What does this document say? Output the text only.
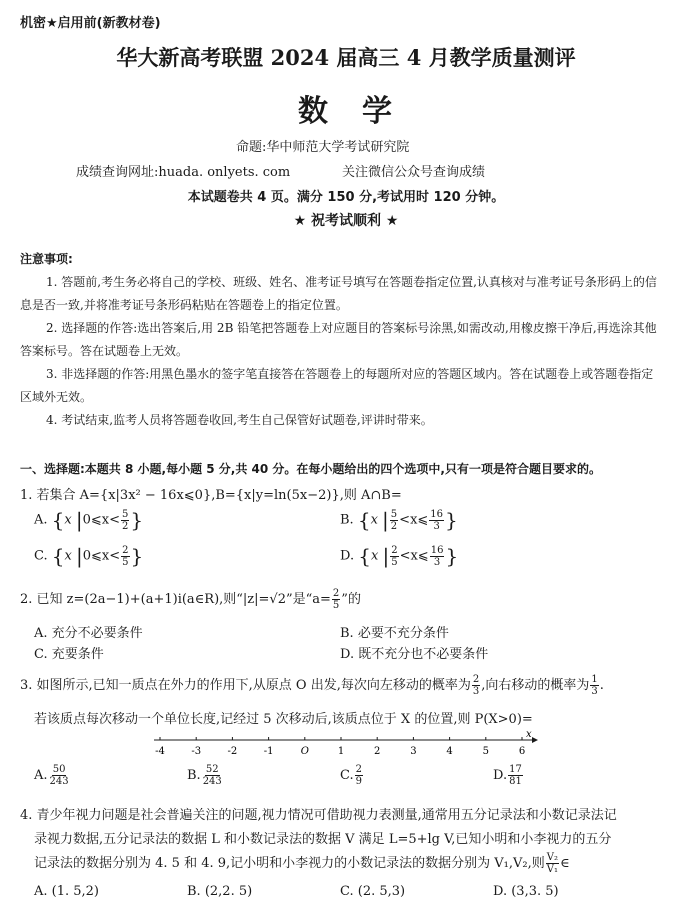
机密★启用前(新教材卷)
华大新高考联盟 2024 届高三 4 月教学质量测评
数　学
命题:华中师范大学考试研究院
成绩查询网址:huada. onlyets. com	关注微信公众号查询成绩
本试题卷共 4 页。满分 150 分,考试用时 120 分钟。
★ 祝考试顺利 ★
注意事项:
1. 答题前,考生务必将自己的学校、班级、姓名、准考证号填写在答题卷指定位置,认真核对与准考证号条形码上的信息是否一致,并将准考证号条形码粘贴在答题卷上的指定位置。
2. 选择题的作答:选出答案后,用 2B 铅笔把答题卷上对应题目的答案标号涂黑,如需改动,用橡皮擦干净后,再选涂其他答案标号。答在试题卷上无效。
3. 非选择题的作答:用黑色墨水的签字笔直接答在答题卷上的每题所对应的答题区域内。答在试题卷上或答题卷指定区域外无效。
4. 考试结束,监考人员将答题卷收回,考生自己保管好试题卷,评讲时带来。
一、选择题:本题共 8 小题,每小题 5 分,共 40 分。在每小题给出的四个选项中,只有一项是符合题目要求的。
1. 若集合 A={x|3x² − 16x⩽0},B={x|y=ln(5x−2)},则 A∩B=
A. {x |0⩽x< $\frac{5}{2}$ }	B. {x | $\frac{5}{2}$ <x⩽ $\frac{16}{3}$ }
C. {x |0⩽x< $\frac{2}{5}$ }	D. {x | $\frac{2}{5}$ <x⩽ $\frac{16}{3}$ }
2. 已知 z=(2a−1)+(a+1)i(a∈R),则“|z|=√2”是“$a= \frac{2}{5}$ ”的
A. 充分不必要条件	B. 必要不充分条件
C. 充要条件	D. 既不充分也不必要条件
3. 如图所示,已知一质点在外力的作用下,从原点 O 出发,每次向左移动的概率为 $\frac{2}{3}$ ,向右移动的概率为 $\frac{1}{3}$ .
若该质点每次移动一个单位长度,记经过 5 次移动后,该质点位于 X 的位置,则 P(X>0)=
-4	-3	-2	-1	O	1	2	3	4	5	6
x
A. $\frac{50}{243}$	B. $\frac{52}{243}$	C. $\frac{2}{9}$	D. $\frac{17}{81}$
4. 青少年视力问题是社会普遍关注的问题,视力情况可借助视力表测量,通常用五分记录法和小数记录法记
录视力数据,五分记录法的数据 L 和小数记录法的数据 V 满足 L=5+lg V,已知小明和小李视力的五分
记录法的数据分别为 4. 5 和 4. 9,记小明和小李视力的小数记录法的数据分别为 V₁,V₂,则 $\frac{\text{V₂}}{\text{V₁}}$ ∈
A. (1. 5,2)	B. (2,2. 5)	C. (2. 5,3)	D. (3,3. 5)
